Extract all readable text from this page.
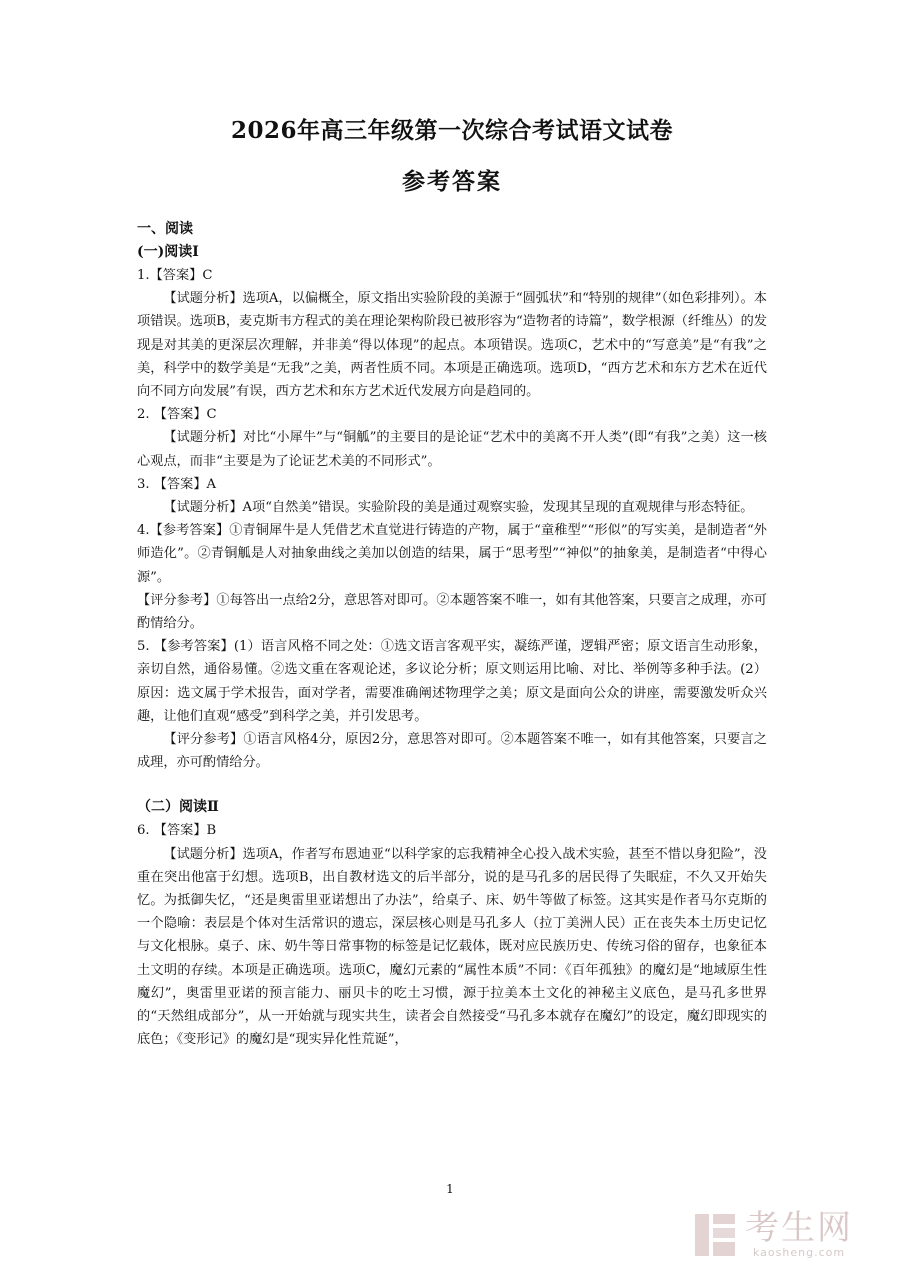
2026年高三年级第一次综合考试语文试卷
参考答案
一、阅读
(一)阅读Ⅰ
1.【答案】C

【试题分析】选项A，以偏概全，原文指出实验阶段的美源于“圆弧状”和“特别的规律”（如色彩排列）。本项错误。选项B，麦克斯韦方程式的美在理论架构阶段已被形容为“造物者的诗篇”，数学根源（纤维丛）的发现是对其美的更深层次理解，并非美“得以体现”的起点。本项错误。选项C，艺术中的“写意美”是“有我”之美，科学中的数学美是“无我”之美，两者性质不同。本项是正确选项。选项D，“西方艺术和东方艺术在近代向不同方向发展”有误，西方艺术和东方艺术近代发展方向是趋同的。

2. 【答案】C

【试题分析】对比“小犀牛”与“铜觚”的主要目的是论证“艺术中的美离不开人类”(即“有我”之美）这一核心观点，而非“主要是为了论证艺术美的不同形式”。

3. 【答案】A

【试题分析】A项“自然美”错误。实验阶段的美是通过观察实验，发现其呈现的直观规律与形态特征。

4.【参考答案】①青铜犀牛是人凭借艺术直觉进行铸造的产物，属于“童稚型”“形似”的写实美，是制造者“外师造化”。②青铜觚是人对抽象曲线之美加以创造的结果，属于“思考型”“神似”的抽象美，是制造者“中得心源”。

【评分参考】①每答出一点给2分，意思答对即可。②本题答案不唯一，如有其他答案，只要言之成理，亦可酌情给分。

5. 【参考答案】(1）语言风格不同之处：①选文语言客观平实，凝练严谨，逻辑严密；原文语言生动形象，亲切自然，通俗易懂。②选文重在客观论述，多议论分析；原文则运用比喻、对比、举例等多种手法。(2）原因：选文属于学术报告，面对学者，需要准确阐述物理学之美；原文是面向公众的讲座，需要激发听众兴趣，让他们直观“感受”到科学之美，并引发思考。

【评分参考】①语言风格4分，原因2分，意思答对即可。②本题答案不唯一，如有其他答案，只要言之成理，亦可酌情给分。

（二）阅读Ⅱ
6. 【答案】B

【试题分析】选项A，作者写布恩迪亚“以科学家的忘我精神全心投入战术实验，甚至不惜以身犯险”，没重在突出他富于幻想。选项B，出自教材选文的后半部分，说的是马孔多的居民得了失眠症，不久又开始失忆。为抵御失忆，“还是奥雷里亚诺想出了办法”，给桌子、床、奶牛等做了标签。这其实是作者马尔克斯的一个隐喻：表层是个体对生活常识的遗忘，深层核心则是马孔多人（拉丁美洲人民）正在丧失本土历史记忆与文化根脉。桌子、床、奶牛等日常事物的标签是记忆载体，既对应民族历史、传统习俗的留存，也象征本土文明的存续。本项是正确选项。选项C，魔幻元素的“属性本质”不同：《百年孤独》的魔幻是“地域原生性魔幻”，奥雷里亚诺的预言能力、丽贝卡的吃土习惯，源于拉美本土文化的神秘主义底色，是马孔多世界的“天然组成部分”，从一开始就与现实共生，读者会自然接受“马孔多本就存在魔幻”的设定，魔幻即现实的底色；《变形记》的魔幻是“现实异化性荒诞”，

1
考生网
kaosheng.com
